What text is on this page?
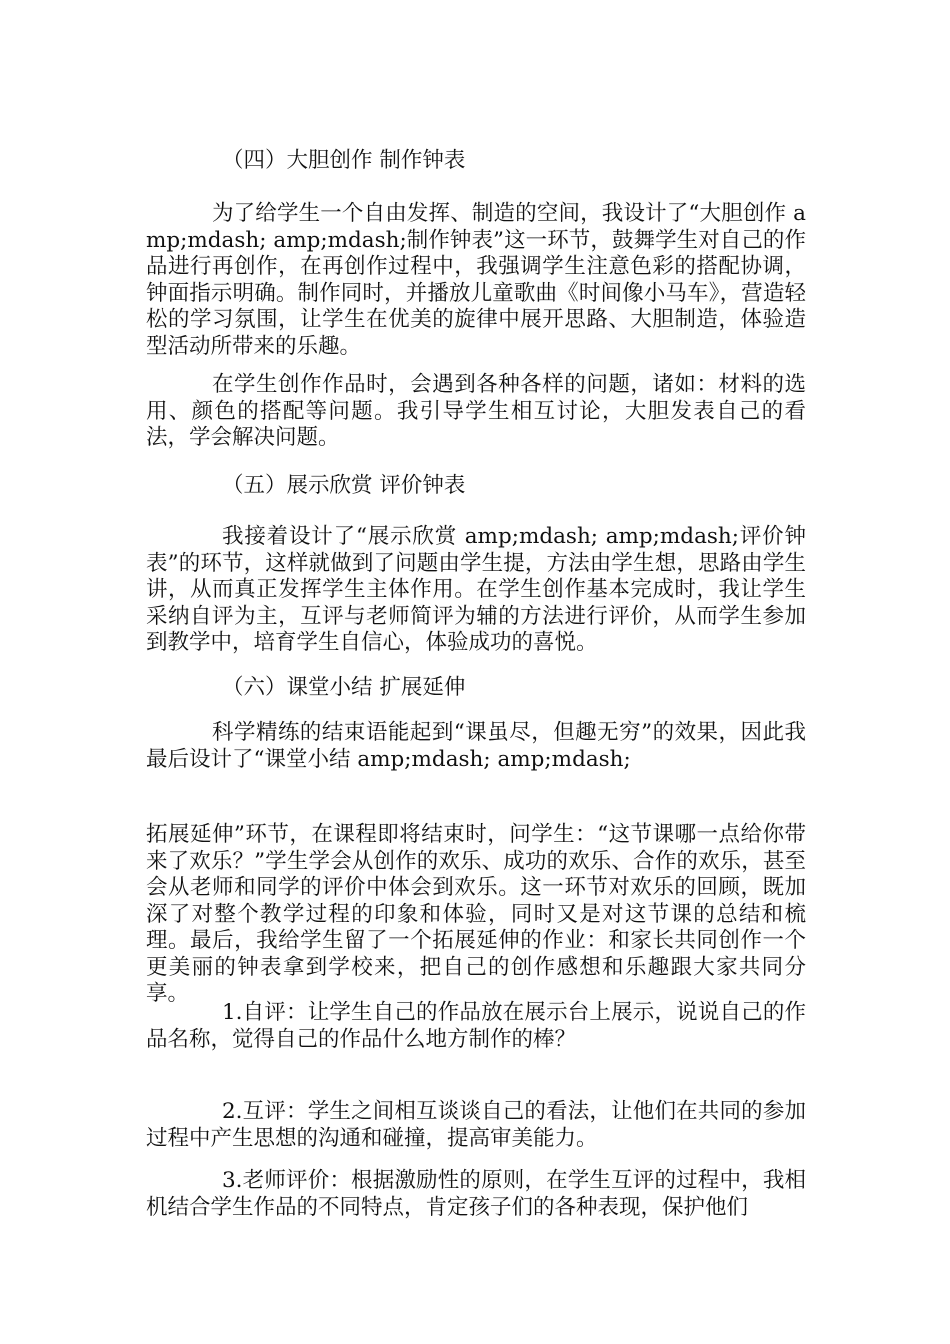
（四）大胆创作 制作钟表

为了给学生一个自由发挥、制造的空间，我设计了“大胆创作 amp;mdash; amp;mdash;制作钟表”这一环节，鼓舞学生对自己的作品进行再创作，在再创作过程中，我强调学生注意色彩的搭配协调，钟面指示明确。制作同时，并播放儿童歌曲《时间像小马车》，营造轻松的学习氛围，让学生在优美的旋律中展开思路、大胆制造，体验造型活动所带来的乐趣。

在学生创作作品时，会遇到各种各样的问题，诸如：材料的选用、颜色的搭配等问题。我引导学生相互讨论，大胆发表自己的看法，学会解决问题。

（五）展示欣赏 评价钟表

我接着设计了“展示欣赏 amp;mdash; amp;mdash;评价钟表”的环节，这样就做到了问题由学生提，方法由学生想，思路由学生讲，从而真正发挥学生主体作用。在学生创作基本完成时，我让学生采纳自评为主，互评与老师简评为辅的方法进行评价，从而学生参加到教学中，培育学生自信心，体验成功的喜悦。

（六）课堂小结 扩展延伸

科学精练的结束语能起到“课虽尽，但趣无穷”的效果，因此我最后设计了“课堂小结 amp;mdash; amp;mdash;

拓展延伸”环节，在课程即将结束时，问学生：“这节课哪一点给你带来了欢乐？”学生学会从创作的欢乐、成功的欢乐、合作的欢乐，甚至会从老师和同学的评价中体会到欢乐。这一环节对欢乐的回顾，既加深了对整个教学过程的印象和体验，同时又是对这节课的总结和梳理。最后，我给学生留了一个拓展延伸的作业：和家长共同创作一个更美丽的钟表拿到学校来，把自己的创作感想和乐趣跟大家共同分享。

1.自评：让学生自己的作品放在展示台上展示，说说自己的作品名称，觉得自己的作品什么地方制作的棒？

2.互评：学生之间相互谈谈自己的看法，让他们在共同的参加过程中产生思想的沟通和碰撞，提高审美能力。

3.老师评价：根据激励性的原则，在学生互评的过程中，我相机结合学生作品的不同特点，肯定孩子们的各种表现，保护他们
